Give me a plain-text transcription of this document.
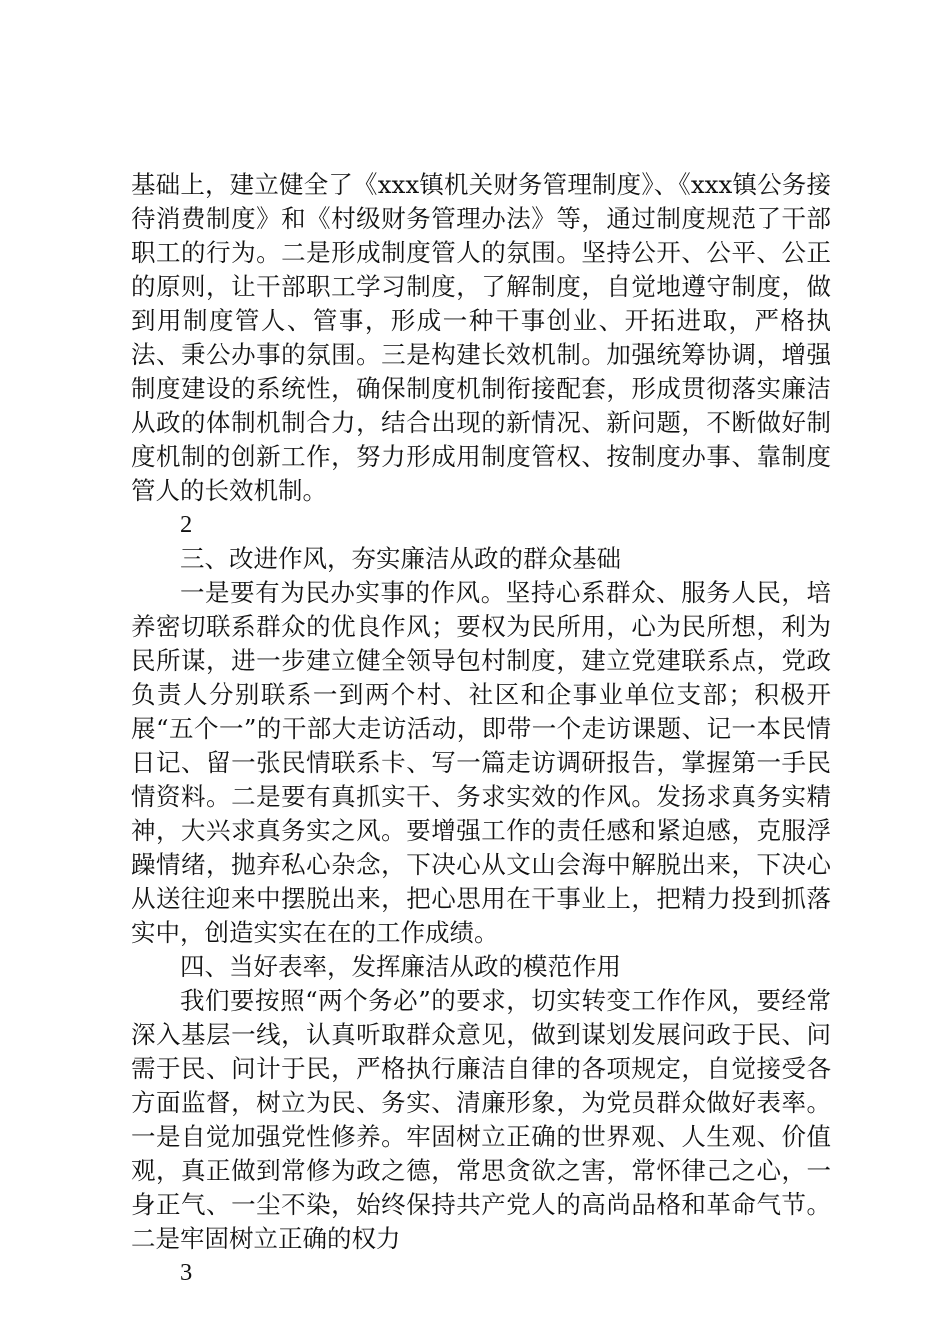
基础上，建立健全了《xxx镇机关财务管理制度》、《xxx镇公务接待消费制度》和《村级财务管理办法》等，通过制度规范了干部职工的行为。二是形成制度管人的氛围。坚持公开、公平、公正的原则，让干部职工学习制度，了解制度，自觉地遵守制度，做到用制度管人、管事，形成一种干事创业、开拓进取，严格执法、秉公办事的氛围。三是构建长效机制。加强统筹协调，增强制度建设的系统性，确保制度机制衔接配套，形成贯彻落实廉洁从政的体制机制合力，结合出现的新情况、新问题，不断做好制度机制的创新工作，努力形成用制度管权、按制度办事、靠制度管人的长效机制。

2

三、改进作风，夯实廉洁从政的群众基础

一是要有为民办实事的作风。坚持心系群众、服务人民，培养密切联系群众的优良作风；要权为民所用，心为民所想，利为民所谋，进一步建立健全领导包村制度，建立党建联系点，党政负责人分别联系一到两个村、社区和企事业单位支部；积极开展“五个一”的干部大走访活动，即带一个走访课题、记一本民情日记、留一张民情联系卡、写一篇走访调研报告，掌握第一手民情资料。二是要有真抓实干、务求实效的作风。发扬求真务实精神，大兴求真务实之风。要增强工作的责任感和紧迫感，克服浮躁情绪，抛弃私心杂念，下决心从文山会海中解脱出来，下决心从送往迎来中摆脱出来，把心思用在干事业上，把精力投到抓落实中，创造实实在在的工作成绩。

四、当好表率，发挥廉洁从政的模范作用

我们要按照“两个务必”的要求，切实转变工作作风，要经常深入基层一线，认真听取群众意见，做到谋划发展问政于民、问需于民、问计于民，严格执行廉洁自律的各项规定，自觉接受各方面监督，树立为民、务实、清廉形象，为党员群众做好表率。一是自觉加强党性修养。牢固树立正确的世界观、人生观、价值观，真正做到常修为政之德，常思贪欲之害，常怀律己之心，一身正气、一尘不染，始终保持共产党人的高尚品格和革命气节。二是牢固树立正确的权力

3
